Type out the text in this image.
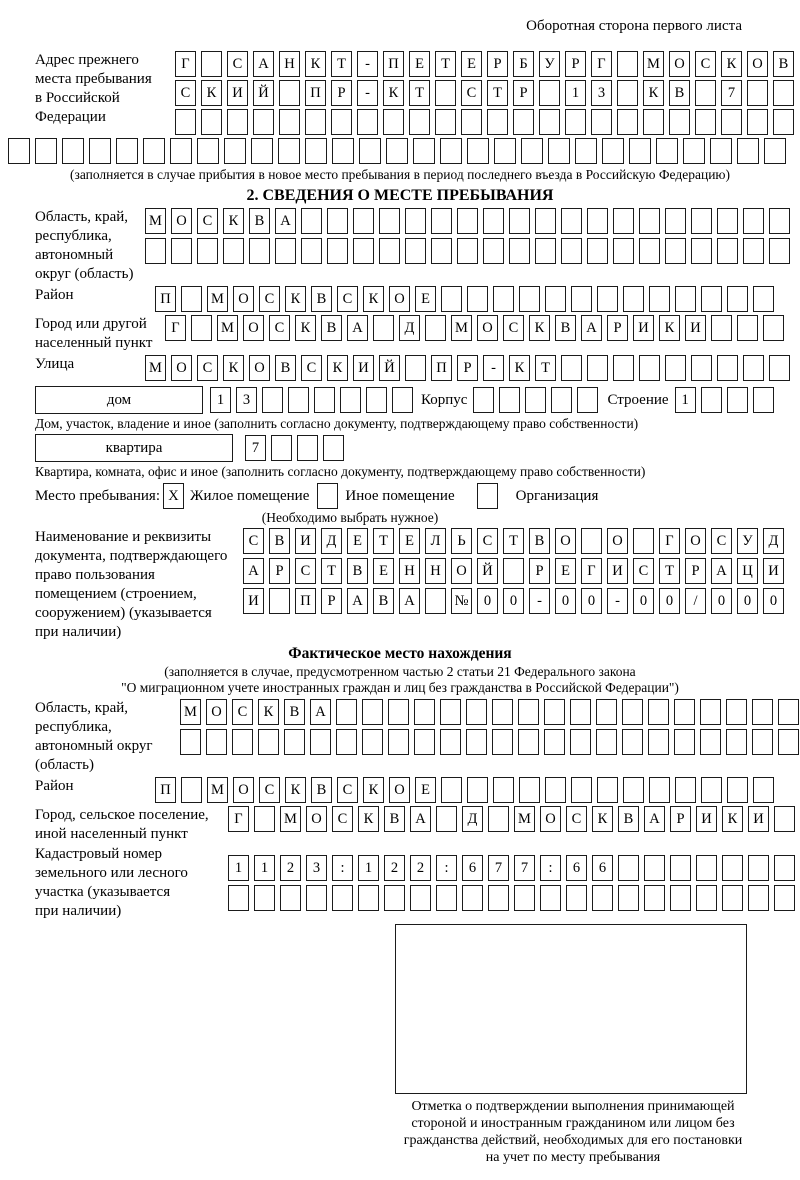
Оборотная сторона первого листа
Адрес прежнего
места пребывания
в Российской
Федерации
Г	С	А	Н	К	Т	-	П	Е	Т	Е	Р	Б	У	Р	Г	М О	С	К	О	В
С	К	И	Й	П	Р	-	К	Т	С	Т	Р	1	3	К	В	7
(заполняется в случае прибытия в новое место пребывания в период последнего въезда в Российскую Федерацию)
2. СВЕДЕНИЯ О МЕСТЕ ПРЕБЫВАНИЯ
Область, край,
республика,
автономный
округ (область)
М О	С	К	В	А
Район	П	М О	С	К	В	С	К	О	Е
Город или другой
населенный пункт
Г	М О	С	К	В	А	Д	М О	С	К	В	А	Р	И	К	И
Улица	М О	С	К	О	В	С	К	И	Й	П	Р	-	К	Т
дом	1	3	Корпус	Строение 1
Дом, участок, владение и иное (заполнить согласно документу, подтверждающему право собственности)
квартира	7
Квартира, комната, офис и иное (заполнить согласно документу, подтверждающему право собственности)
Место пребывания: X Жилое помещение Иное помещение	Организация
(Необходимо выбрать нужное)
Наименование и реквизиты
документа, подтверждающего
право пользования
помещением (строением,
сооружением) (указывается
при наличии)
С	В	И	Д	Е	Т	Е	Л	Ь	С	Т	В	О	О	Г	О	С	У	Д
А	Р	С	Т	В	Е	Н	Н	О	Й	Р	Е	Г	И	С	Т	Р	А	Ц	И
И	П	Р	А	В	А	№	0	0	-	0	0	-	0	0	/	0	0	0
Фактическое место нахождения
(заполняется в случае, предусмотренном частью 2 статьи 21 Федерального закона
"О миграционном учете иностранных граждан и лиц без гражданства в Российской Федерации")
Область, край,
республика,
автономный округ
(область)
М О	С	К	В	А
Район	П	М О	С	К	В	С	К	О	Е
Город, сельское поселение,
иной населенный пункт
Г	М О	С	К	В	А	Д	М О	С	К	В	А	Р	И	К	И
Кадастровый номер
земельного или лесного
участка (указывается
при наличии)
1	1	2	3	:	1	2	2	:	6	7	7	:	6	6
Отметка о подтверждении выполнения принимающей
стороной и иностранным гражданином или лицом без
гражданства действий, необходимых для его постановки
на учет по месту пребывания
